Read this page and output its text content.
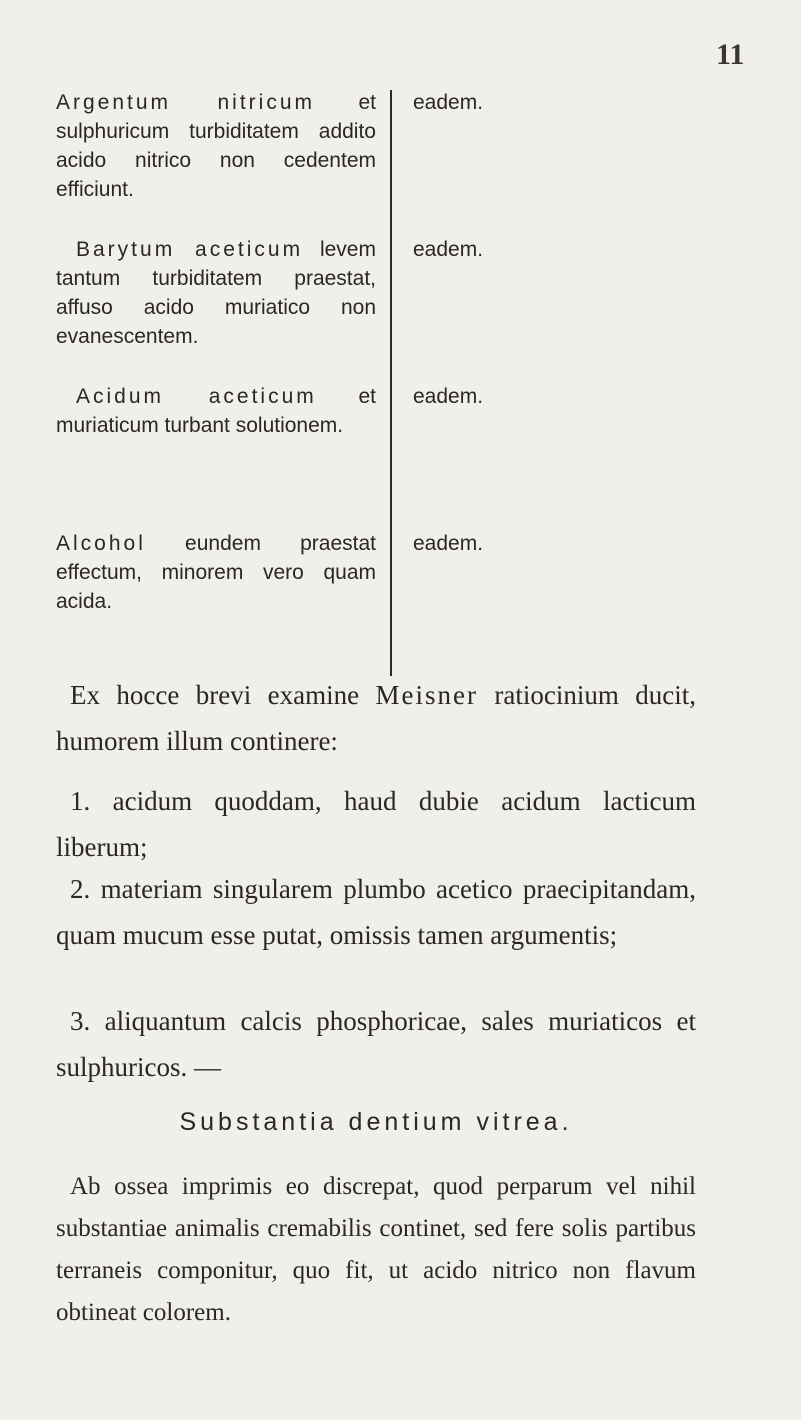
11
Argentum nitricum et sulphuricum turbiditatem addito acido nitrico non cedentem efficiunt.
eadem.
Barytum aceticum levem tantum turbiditatem praestat, affuso acido muriatico non evanescentem.
eadem.
Acidum aceticum et muriaticum turbant solutionem.
eadem.
Alcohol eundem praestat effectum, minorem vero quam acida.
eadem.
Ex hocce brevi examine Meisner ratiocinium ducit, humorem illum continere:
1. acidum quoddam, haud dubie acidum lacticum liberum;
2. materiam singularem plumbo acetico praecipitandam, quam mucum esse putat, omissis tamen argumentis;
3. aliquantum calcis phosphoricae, sales muriaticos et sulphuricos. —
Substantia dentium vitrea.
Ab ossea imprimis eo discrepat, quod perparum vel nihil substantiae animalis cremabilis continet, sed fere solis partibus terraneis componitur, quo fit, ut acido nitrico non flavum obtineat colorem.
